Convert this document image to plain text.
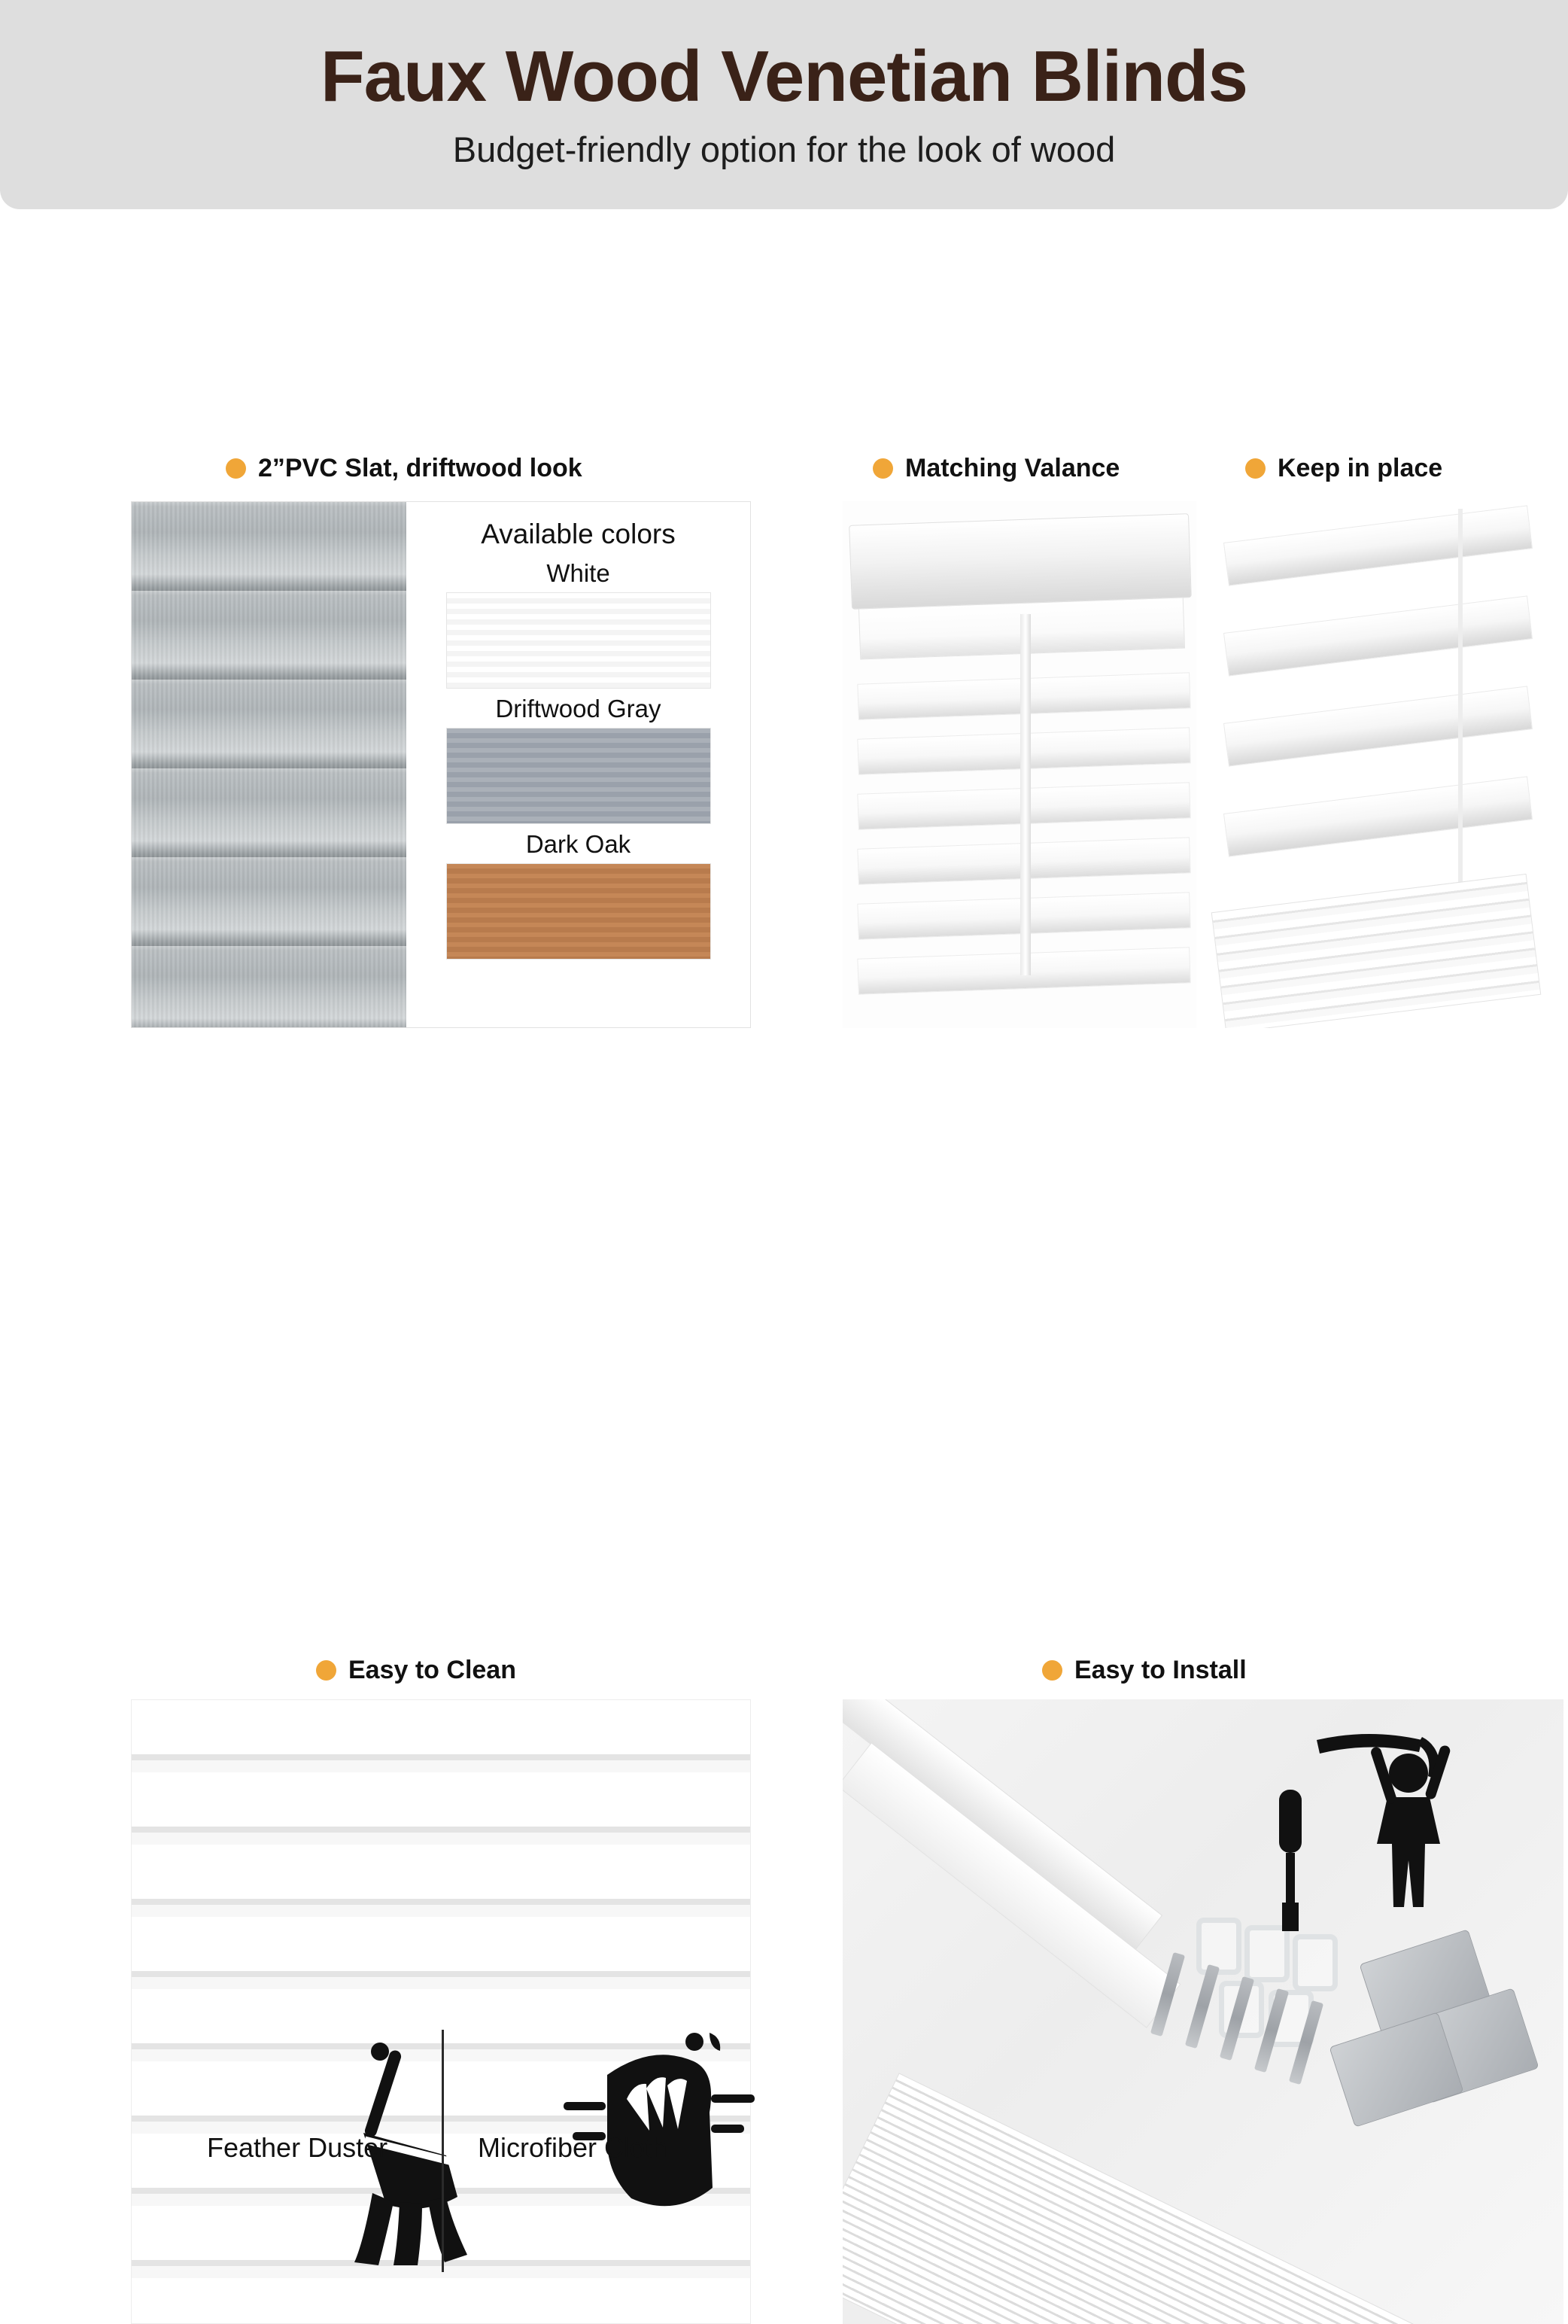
Faux Wood Venetian Blinds
Budget-friendly option for the look of wood
2”PVC Slat, driftwood look	Matching Valance	Keep in place
Available colors
White
Driftwood Gray
Dark Oak
Easy to Clean	Easy to Install
Feather Duster	Microfiber Cloth
